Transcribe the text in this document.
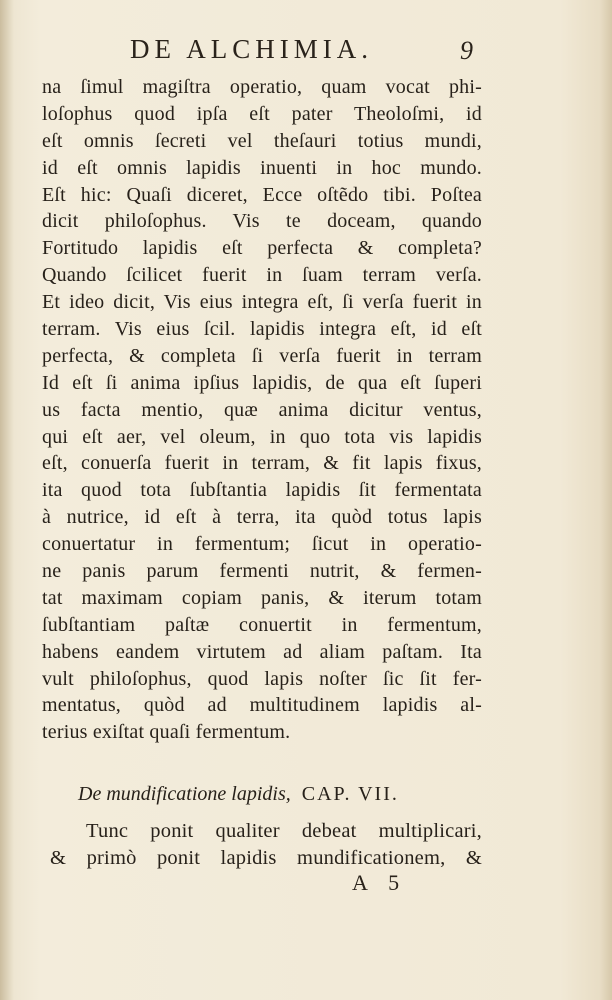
DE ALCHIMIA.	9
na ſimul magiſtra operatio, quam vocat phi-
loſophus quod ipſa eſt pater Theoloſmi, id
eſt omnis ſecreti vel theſauri totius mundi,
id eſt omnis lapidis inuenti in hoc mundo.
Eſt hic: Quaſi diceret, Ecce oſtẽdo tibi. Poſtea
dicit philoſophus. Vis te doceam, quando
Fortitudo lapidis eſt perfecta & completa?
Quando ſcilicet fuerit in ſuam terram verſa.
Et ideo dicit, Vis eius integra eſt, ſi verſa fuerit in
terram. Vis eius ſcil. lapidis integra eſt, id eſt
perfecta, & completa ſi verſa fuerit in terram
Id eſt ſi anima ipſius lapidis, de qua eſt ſuperi
us facta mentio, quæ anima dicitur ventus,
qui eſt aer, vel oleum, in quo tota vis lapidis
eſt, conuerſa fuerit in terram, & fit lapis fixus,
ita quod tota ſubſtantia lapidis ſit fermentata
à nutrice, id eſt à terra, ita quòd totus lapis
conuertatur in fermentum; ſicut in operatio-
ne panis parum fermenti nutrit, & fermen-
tat maximam copiam panis, & iterum totam
ſubſtantiam paſtæ conuertit in fermentum,
habens eandem virtutem ad aliam paſtam. Ita
vult philoſophus, quod lapis noſter ſic ſit fer-
mentatus, quòd ad multitudinem lapidis al-
terius exiſtat quaſi fermentum.
De mundificatione lapidis, CAP. VII.
Tunc ponit qualiter debeat multiplicari,
& primò ponit lapidis mundificationem, &
A 5
